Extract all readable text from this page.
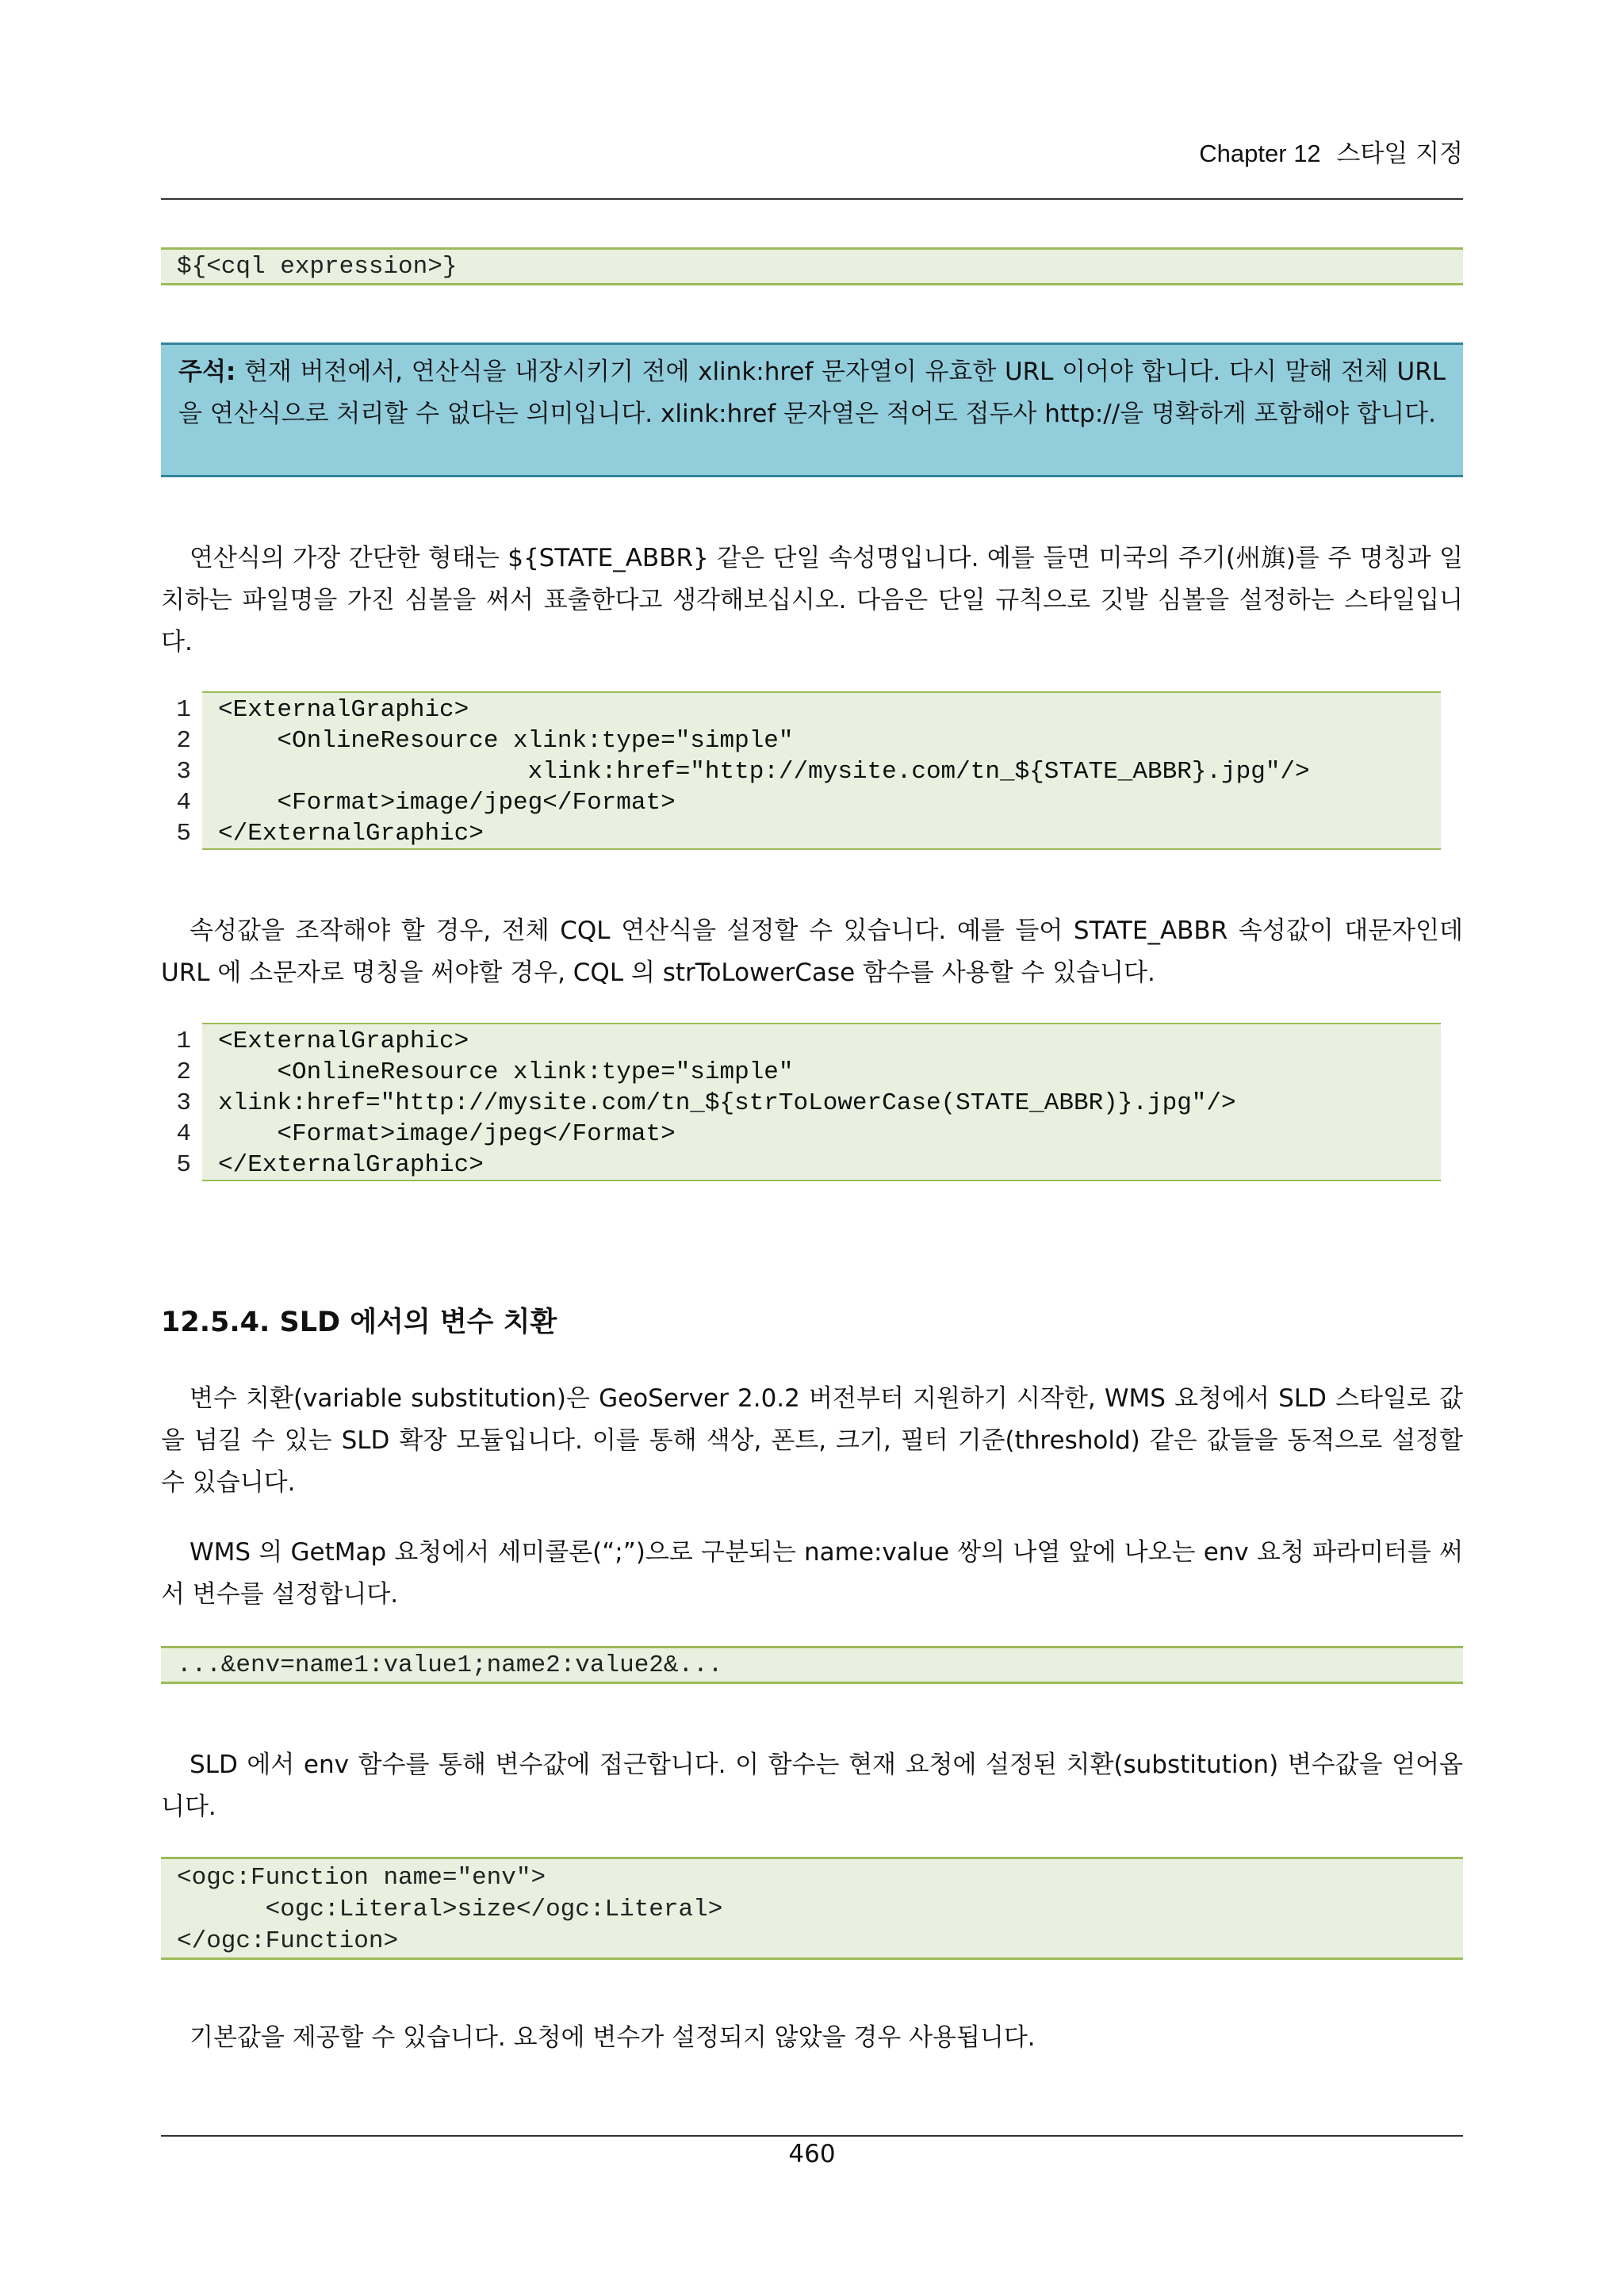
Chapter 12 스타일 지정
${<cql expression>}
주석: 현재 버전에서, 연산식을 내장시키기 전에 xlink:href 문자열이 유효한 URL 이어야 합니다. 다시 말해 전체 URL 을 연산식으로 처리할 수 없다는 의미입니다. xlink:href 문자열은 적어도 접두사 http://을 명확하게 포함해야 합니다.

연산식의 가장 간단한 형태는 ${STATE_ABBR} 같은 단일 속성명입니다. 예를 들면 미국의 주기(州旗)를 주 명칭과 일치하는 파일명을 가진 심볼을 써서 표출한다고 생각해보십시오. 다음은 단일 규칙으로 깃발 심볼을 설정하는 스타일입니다.

1
2
3
4
5
<ExternalGraphic>
<OnlineResource xlink:type="simple"
xlink:href="http://mysite.com/tn_${STATE_ABBR}.jpg"/>
<Format>image/jpeg</Format>
</ExternalGraphic>

속성값을 조작해야 할 경우, 전체 CQL 연산식을 설정할 수 있습니다. 예를 들어 STATE_ABBR 속성값이 대문자인데 URL 에 소문자로 명칭을 써야할 경우, CQL 의 strToLowerCase 함수를 사용할 수 있습니다.

1
2
3
4
5
<ExternalGraphic>
<OnlineResource xlink:type="simple"
xlink:href="http://mysite.com/tn_${strToLowerCase(STATE_ABBR)}.jpg"/>
<Format>image/jpeg</Format>
</ExternalGraphic>
12.5.4. SLD 에서의 변수 치환

변수 치환(variable substitution)은 GeoServer 2.0.2 버전부터 지원하기 시작한, WMS 요청에서 SLD 스타일로 값을 넘길 수 있는 SLD 확장 모듈입니다. 이를 통해 색상, 폰트, 크기, 필터 기준(threshold) 같은 값들을 동적으로 설정할 수 있습니다.

WMS 의 GetMap 요청에서 세미콜론(“;”)으로 구분되는 name:value 쌍의 나열 앞에 나오는 env 요청 파라미터를 써서 변수를 설정합니다.

...&env=name1:value1;name2:value2&...

SLD 에서 env 함수를 통해 변수값에 접근합니다. 이 함수는 현재 요청에 설정된 치환(substitution) 변수값을 얻어옵니다.

<ogc:Function name="env">
<ogc:Literal>size</ogc:Literal>
</ogc:Function>

기본값을 제공할 수 있습니다. 요청에 변수가 설정되지 않았을 경우 사용됩니다.

460
